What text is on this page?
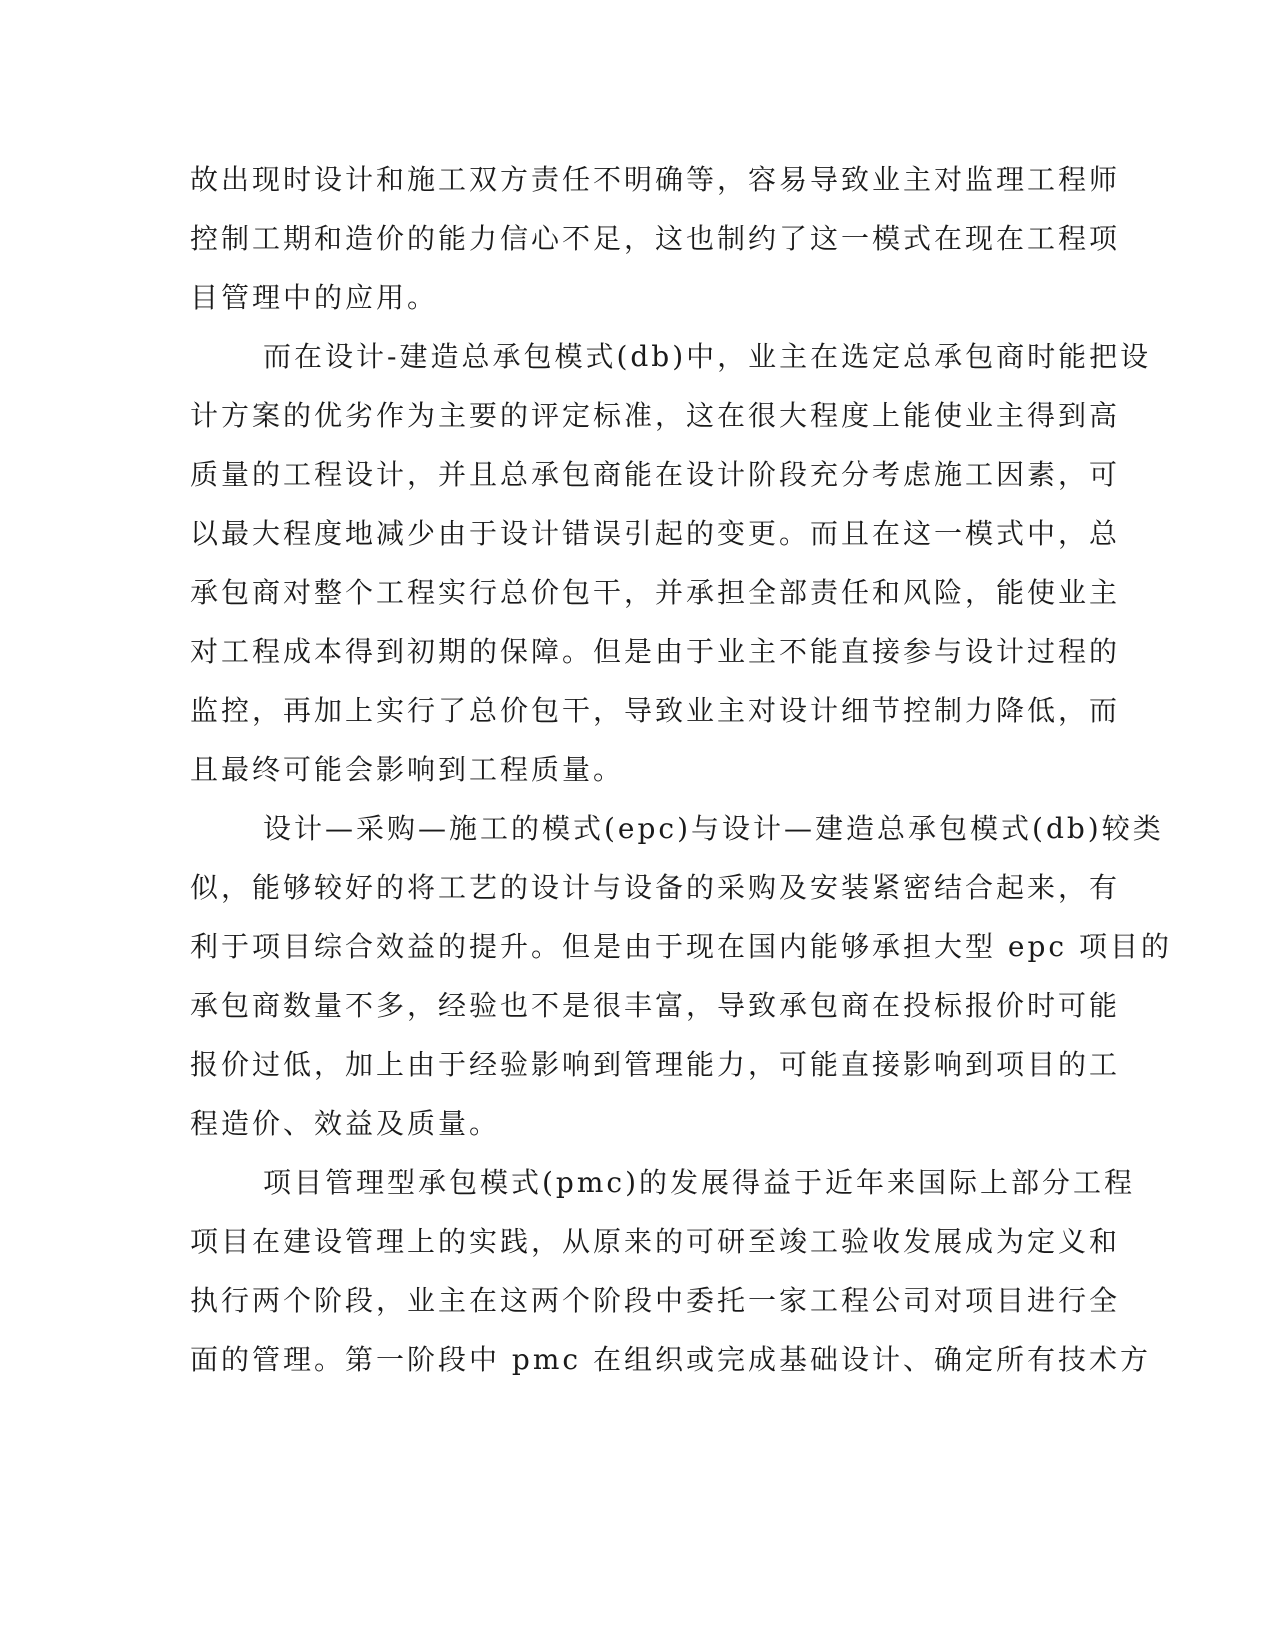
故出现时设计和施工双方责任不明确等，容易导致业主对监理工程师
控制工期和造价的能力信心不足，这也制约了这一模式在现在工程项
目管理中的应用。
而在设计-建造总承包模式(db)中，业主在选定总承包商时能把设
计方案的优劣作为主要的评定标准，这在很大程度上能使业主得到高
质量的工程设计，并且总承包商能在设计阶段充分考虑施工因素，可
以最大程度地减少由于设计错误引起的变更。而且在这一模式中，总
承包商对整个工程实行总价包干，并承担全部责任和风险，能使业主
对工程成本得到初期的保障。但是由于业主不能直接参与设计过程的
监控，再加上实行了总价包干，导致业主对设计细节控制力降低，而
且最终可能会影响到工程质量。
设计—采购—施工的模式(epc)与设计—建造总承包模式(db)较类
似，能够较好的将工艺的设计与设备的采购及安装紧密结合起来，有
利于项目综合效益的提升。但是由于现在国内能够承担大型 epc 项目的
承包商数量不多，经验也不是很丰富，导致承包商在投标报价时可能
报价过低，加上由于经验影响到管理能力，可能直接影响到项目的工
程造价、效益及质量。
项目管理型承包模式(pmc)的发展得益于近年来国际上部分工程
项目在建设管理上的实践，从原来的可研至竣工验收发展成为定义和
执行两个阶段，业主在这两个阶段中委托一家工程公司对项目进行全
面的管理。第一阶段中 pmc 在组织或完成基础设计、确定所有技术方
